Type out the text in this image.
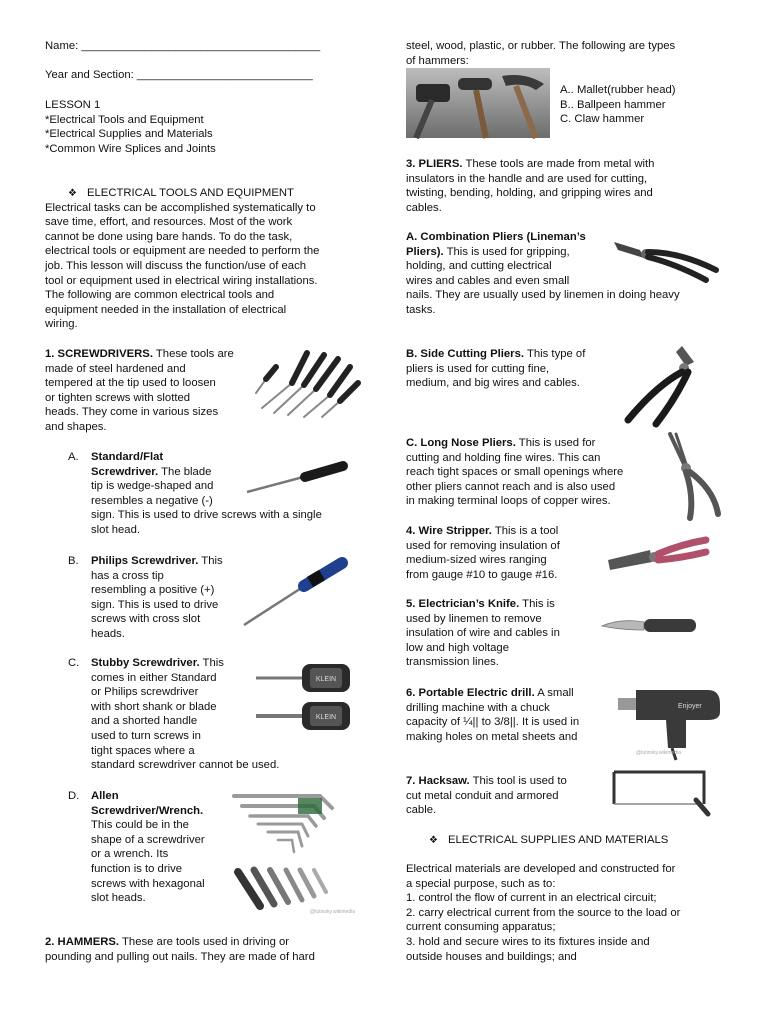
Name: ______________________________________
Year and Section: ____________________________
LESSON 1
*Electrical Tools and Equipment
*Electrical Supplies and Materials
*Common Wire Splices and Joints
❖ ELECTRICAL TOOLS AND EQUIPMENT
Electrical tasks can be accomplished systematically to
save time, effort, and resources. Most of the work
cannot be done using bare hands. To do the task,
electrical tools or equipment are needed to perform the
job. This lesson will discuss the function/use of each
tool or equipment used in electrical wiring installations.
The following are common electrical tools and
equipment needed in the installation of electrical
wiring.
1. SCREWDRIVERS. These tools are
made of steel hardened and
tempered at the tip used to loosen
or tighten screws with slotted
heads. They come in various sizes
and shapes.
A. Standard/Flat
Screwdriver. The blade
tip is wedge-shaped and
resembles a negative (-)
sign. This is used to drive screws with a single
slot head.
B. Philips Screwdriver. This
has a cross tip
resembling a positive (+)
sign. This is used to drive
screws with cross slot
heads.
C. Stubby Screwdriver. This
comes in either Standard
or Philips screwdriver
with short shank or blade
and a shorted handle
used to turn screws in
tight spaces where a
standard screwdriver cannot be used.
KLEIN
KLEIN
D. Allen
Screwdriver/Wrench.
This could be in the
shape of a screwdriver
or a wrench. Its
function is to drive
screws with hexagonal
slot heads.
@tutinsky.wikimedia
2. HAMMERS. These are tools used in driving or
pounding and pulling out nails. They are made of hard
steel, wood, plastic, or rubber. The following are types
of hammers:
A.. Mallet(rubber head)
B.. Ballpeen hammer
C. Claw hammer
3. PLIERS. These tools are made from metal with
insulators in the handle and are used for cutting,
twisting, bending, holding, and gripping wires and
cables.
A. Combination Pliers (Lineman’s
Pliers). This is used for gripping,
holding, and cutting electrical
wires and cables and even small
nails. They are usually used by linemen in doing heavy
tasks.
B. Side Cutting Pliers. This type of
pliers is used for cutting fine,
medium, and big wires and cables.
C. Long Nose Pliers. This is used for
cutting and holding fine wires. This can
reach tight spaces or small openings where
other pliers cannot reach and is also used
in making terminal loops of copper wires.
4. Wire Stripper. This is a tool
used for removing insulation of
medium-sized wires ranging
from gauge #10 to gauge #16.
5. Electrician’s Knife. This is
used by linemen to remove
insulation of wire and cables in
low and high voltage
transmission lines.
6. Portable Electric drill. A small
drilling machine with a chuck
capacity of ¼|| to 3/8||. It is used in
making holes on metal sheets and
Enjoyer
@tutinsky.wikimedia
7. Hacksaw. This tool is used to
cut metal conduit and armored
cable.
❖ ELECTRICAL SUPPLIES AND MATERIALS
Electrical materials are developed and constructed for
a special purpose, such as to:
1. control the flow of current in an electrical circuit;
2. carry electrical current from the source to the load or
current consuming apparatus;
3. hold and secure wires to its fixtures inside and
outside houses and buildings; and
